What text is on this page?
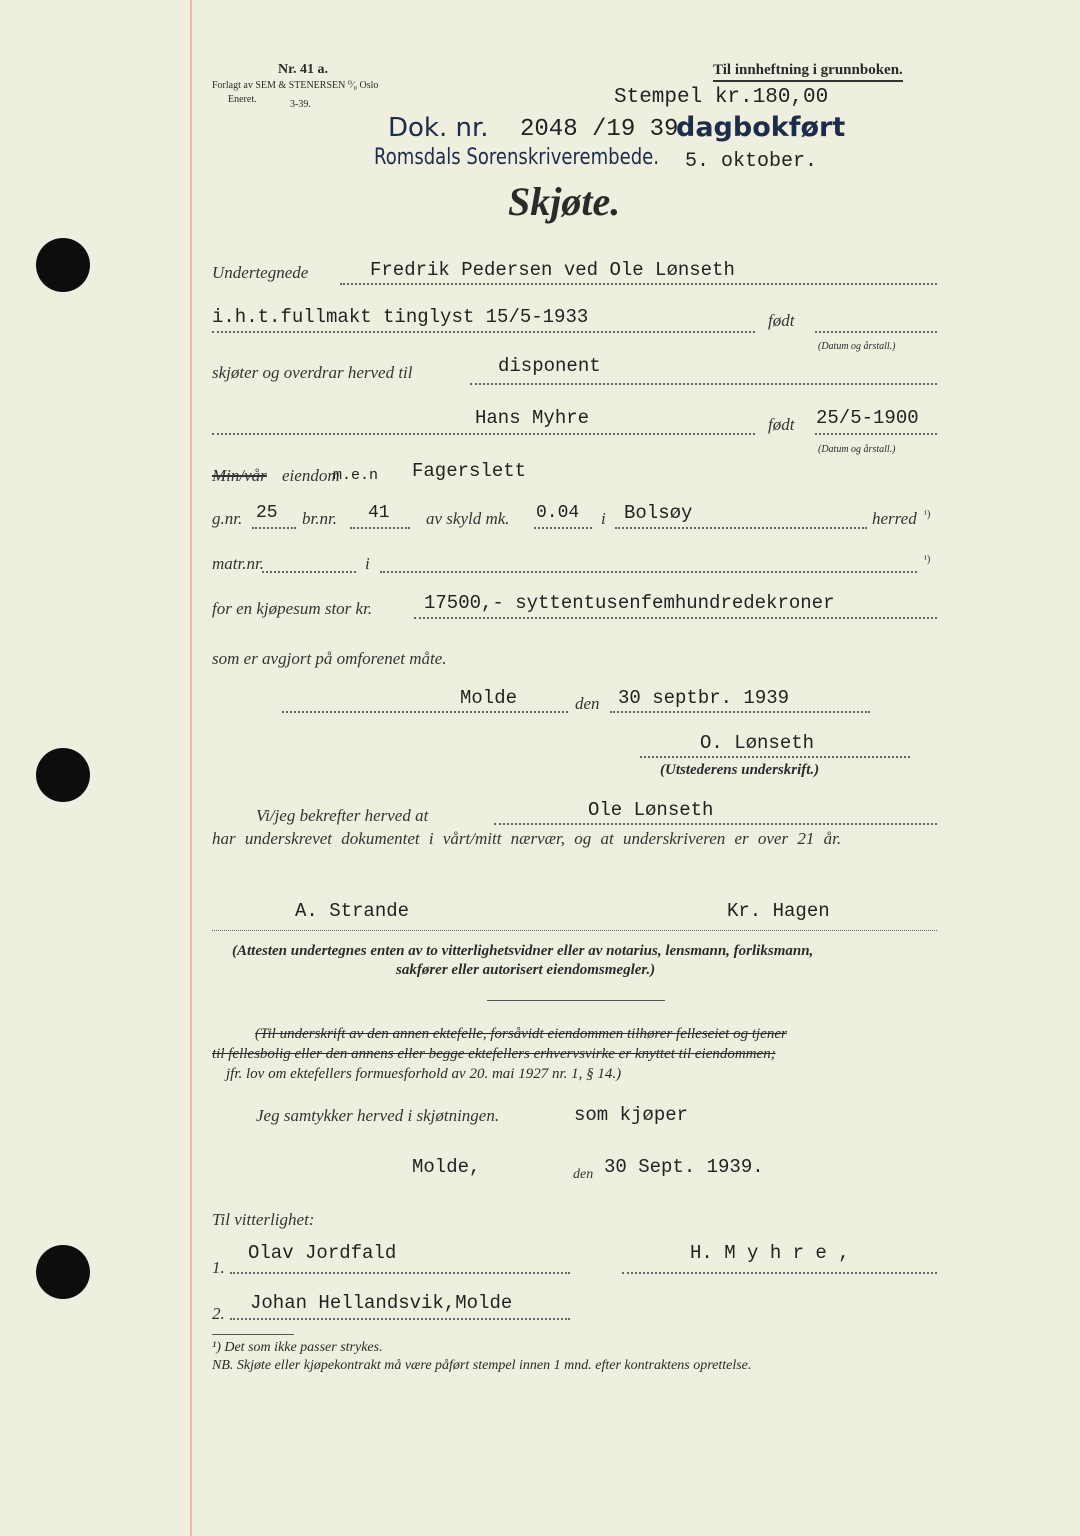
Nr. 41 a.
Forlagt av SEM & STENERSEN ⁰⁄₀ Oslo
Eneret.	3-39.
Til innheftning i grunnboken.
Stempel kr.180,00
Dok. nr. 2048 /19 39
dagbokført
Romsdals Sorenskriverembede. 5. oktober.
Skjøte.
Undertegnede	Fredrik Pedersen ved Ole Lønseth
i.h.t.fullmakt tinglyst 15/5-1933	født
(Datum og årstall.)
skjøter og overdrar herved til	disponent
Hans Myhre	født 25/5-1900
(Datum og årstall.)
Min/vår eiendom
m.e.n Fagerslett
g.nr. 25 br.nr. 41 av skyld mk. 0.04 i Bolsøy	herred ¹)
matr.nr.	i	¹)
for en kjøpesum stor kr.	17500,- syttentusenfemhundredekroner
som er avgjort på omforenet måte.
Molde	den 30 septbr. 1939
O. Lønseth
(Utstederens underskrift.)
Vi/jeg bekrefter herved at	Ole Lønseth
har underskrevet dokumentet i vårt/mitt nærvær, og at underskriveren er over 21 år.
A. Strande	Kr. Hagen
(Attesten undertegnes enten av to vitterlighetsvidner eller av notarius, lensmann, forliksmann,
sakfører eller autorisert eiendomsmegler.)
(Til underskrift av den annen ektefelle, forsåvidt eiendommen tilhører felleseiet og tjener
til fellesbolig eller den annens eller begge ektefellers erhvervsvirke er knyttet til eiendommen;
jfr. lov om ektefellers formuesforhold av 20. mai 1927 nr. 1, § 14.)
Jeg samtykker herved i skjøtningen.	som kjøper
Molde,	den 30 Sept. 1939.
Til vitterlighet:
1.
Olav Jordfald	H. M y h r e ,
2. Johan Hellandsvik,Molde
¹) Det som ikke passer strykes.
NB. Skjøte eller kjøpekontrakt må være påført stempel innen 1 mnd. efter kontraktens oprettelse.
